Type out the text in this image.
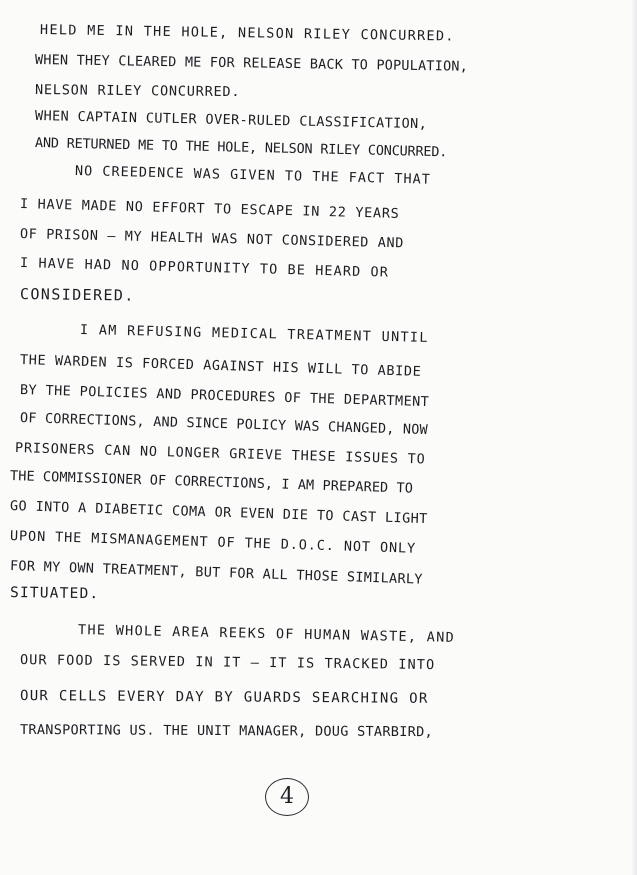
HELD ME IN THE HOLE, NELSON RILEY CONCURRED.
WHEN THEY CLEARED ME FOR RELEASE BACK TO POPULATION,
NELSON RILEY CONCURRED.
WHEN CAPTAIN CUTLER OVER-RULED CLASSIFICATION,
AND RETURNED ME TO THE HOLE, NELSON RILEY CONCURRED.
NO CREEDENCE WAS GIVEN TO THE FACT THAT
I HAVE MADE NO EFFORT TO ESCAPE IN 22 YEARS
OF PRISON — MY HEALTH WAS NOT CONSIDERED AND
I HAVE HAD NO OPPORTUNITY TO BE HEARD OR
CONSIDERED.
I AM REFUSING MEDICAL TREATMENT UNTIL
THE WARDEN IS FORCED AGAINST HIS WILL TO ABIDE
BY THE POLICIES AND PROCEDURES OF THE DEPARTMENT
OF CORRECTIONS, AND SINCE POLICY WAS CHANGED, NOW
PRISONERS CAN NO LONGER GRIEVE THESE ISSUES TO
THE COMMISSIONER OF CORRECTIONS, I AM PREPARED TO
GO INTO A DIABETIC COMA OR EVEN DIE TO CAST LIGHT
UPON THE MISMANAGEMENT OF THE D.O.C. NOT ONLY
FOR MY OWN TREATMENT, BUT FOR ALL THOSE SIMILARLY
SITUATED.
THE WHOLE AREA REEKS OF HUMAN WASTE, AND
OUR FOOD IS SERVED IN IT — IT IS TRACKED INTO
OUR CELLS EVERY DAY BY GUARDS SEARCHING OR
TRANSPORTING US. THE UNIT MANAGER, DOUG STARBIRD,
4
